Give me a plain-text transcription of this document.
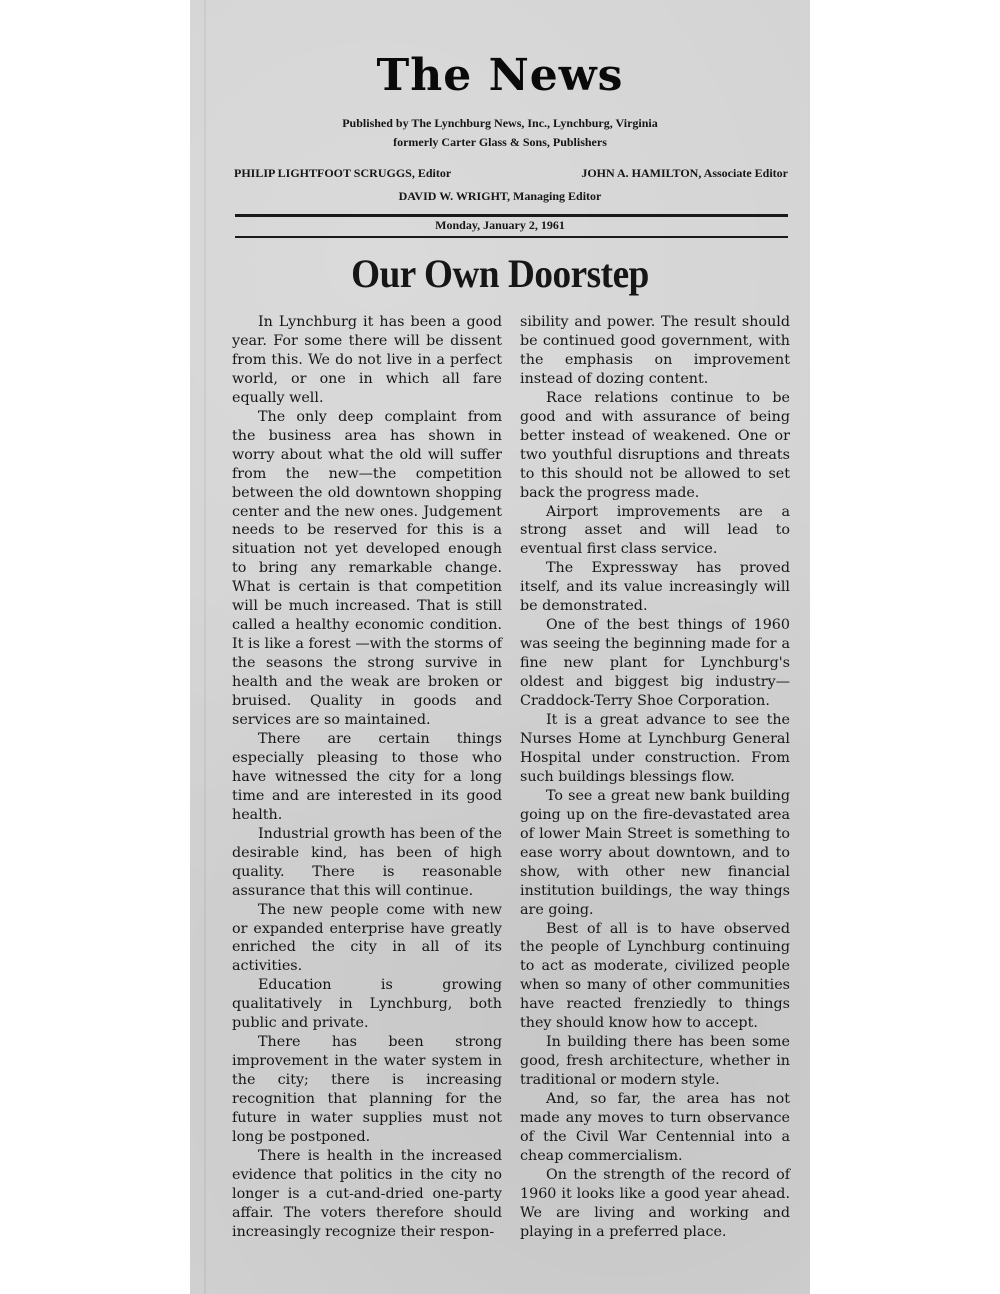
The News
Published by The Lynchburg News, Inc., Lynchburg, Virginia
formerly Carter Glass & Sons, Publishers
PHILIP LIGHTFOOT SCRUGGS, Editor	JOHN A. HAMILTON, Associate Editor
DAVID W. WRIGHT, Managing Editor
Monday, January 2, 1961
Our Own Doorstep

In Lynchburg it has been a good year. For some there will be dissent from this. We do not live in a perfect world, or one in which all fare equally well.

The only deep complaint from the business area has shown in worry about what the old will suffer from the new—the competition between the old downtown shopping center and the new ones. Judgement needs to be reserved for this is a situation not yet developed enough to bring any remarkable change. What is certain is that competition will be much increased. That is still called a healthy economic condition. It is like a forest —with the storms of the seasons the strong survive in health and the weak are broken or bruised. Quality in goods and services are so maintained.

There are certain things especially pleasing to those who have witnessed the city for a long time and are interested in its good health.

Industrial growth has been of the desirable kind, has been of high quality. There is reasonable assurance that this will continue.

The new people come with new or expanded enterprise have greatly enriched the city in all of its activities.

Education is growing qualitatively in Lynchburg, both public and private.

There has been strong improvement in the water system in the city; there is increasing recognition that planning for the future in water supplies must not long be postponed.

There is health in the increased evidence that politics in the city no longer is a cut-and-dried one-party affair. The voters therefore should increasingly recognize their respon-

sibility and power. The result should be continued good government, with the emphasis on improvement instead of dozing content.

Race relations continue to be good and with assurance of being better instead of weakened. One or two youthful disruptions and threats to this should not be allowed to set back the progress made.

Airport improvements are a strong asset and will lead to eventual first class service.

The Expressway has proved itself, and its value increasingly will be demonstrated.

One of the best things of 1960 was seeing the beginning made for a fine new plant for Lynchburg's oldest and biggest big industry— Craddock-Terry Shoe Corporation.

It is a great advance to see the Nurses Home at Lynchburg General Hospital under construction. From such buildings blessings flow.

To see a great new bank building going up on the fire-devastated area of lower Main Street is something to ease worry about downtown, and to show, with other new financial institution buildings, the way things are going.

Best of all is to have observed the people of Lynchburg continuing to act as moderate, civilized people when so many of other communities have reacted frenziedly to things they should know how to accept.

In building there has been some good, fresh architecture, whether in traditional or modern style.

And, so far, the area has not made any moves to turn observance of the Civil War Centennial into a cheap commercialism.

On the strength of the record of 1960 it looks like a good year ahead. We are living and working and playing in a preferred place.
